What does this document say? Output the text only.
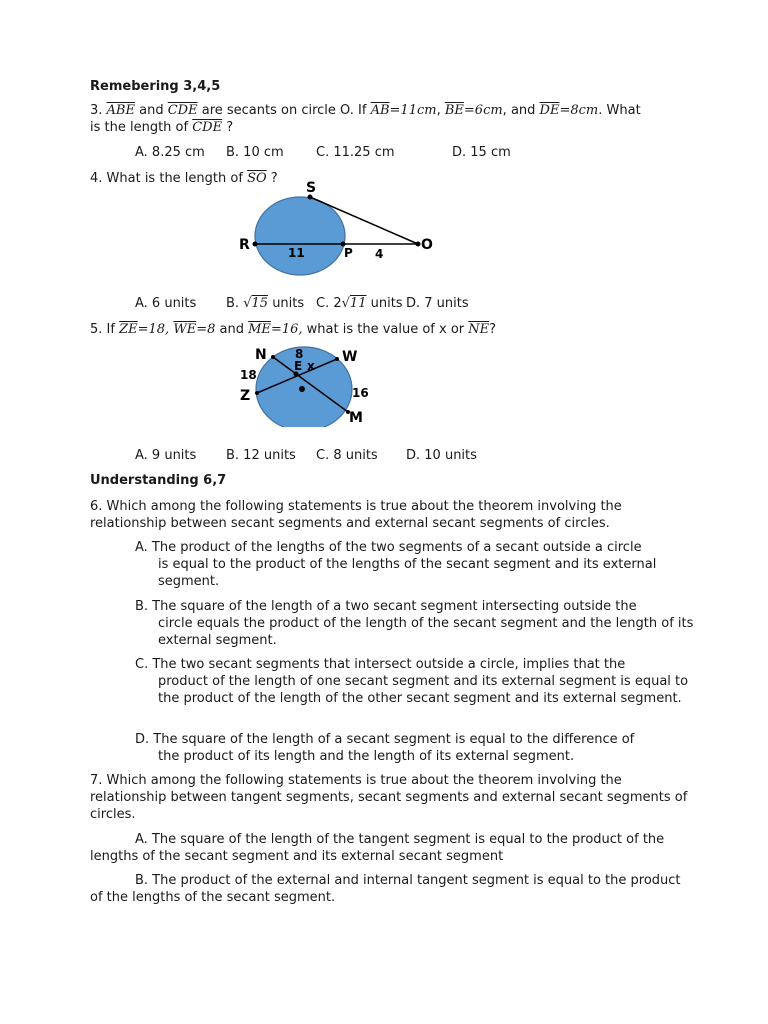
Remebering 3,4,5
3. $\overline{ABE}$ and $\overline{CDE}$ are secants on circle O. If $\overline{AB}=11cm$, $\overline{BE}=6cm$, and $\overline{DE}=8cm$. What
is the length of $\overline{CDE}$ ?
A. 8.25 cm B. 10 cm C. 11.25 cm	D. 15 cm
4. What is the length of $\overline{SO}$ ?
S
R	O
P
11	4
A. 6 units B. √15 units C. 2√11 units D. 7 units
5. If $\overline{ZE}=18$, $\overline{WE}=8$ and $\overline{ME}=16$, what is the value of x or $\overline{NE}$?
N	W
Z
M
E x
8
18
16
A. 9 units B. 12 units C. 8 units D. 10 units
Understanding 6,7
6. Which among the following statements is true about the theorem involving the relationship between secant segments and external secant segments of circles.
A. The product of the lengths of the two segments of a secant outside a circle
is equal to the product of the lengths of the secant segment and its external segment.
B. The square of the length of a two secant segment intersecting outside the
circle equals the product of the length of the secant segment and the length of its external segment.
C. The two secant segments that intersect outside a circle, implies that the
product of the length of one secant segment and its external segment is equal to the product of the length of the other secant segment and its external segment.
D. The square of the length of a secant segment is equal to the difference of
the product of its length and the length of its external segment.
7. Which among the following statements is true about the theorem involving the relationship between tangent segments, secant segments and external secant segments of circles.
A. The square of the length of the tangent segment is equal to the product of the lengths of the secant segment and its external secant segment
B. The product of the external and internal tangent segment is equal to the product of the lengths of the secant segment.
